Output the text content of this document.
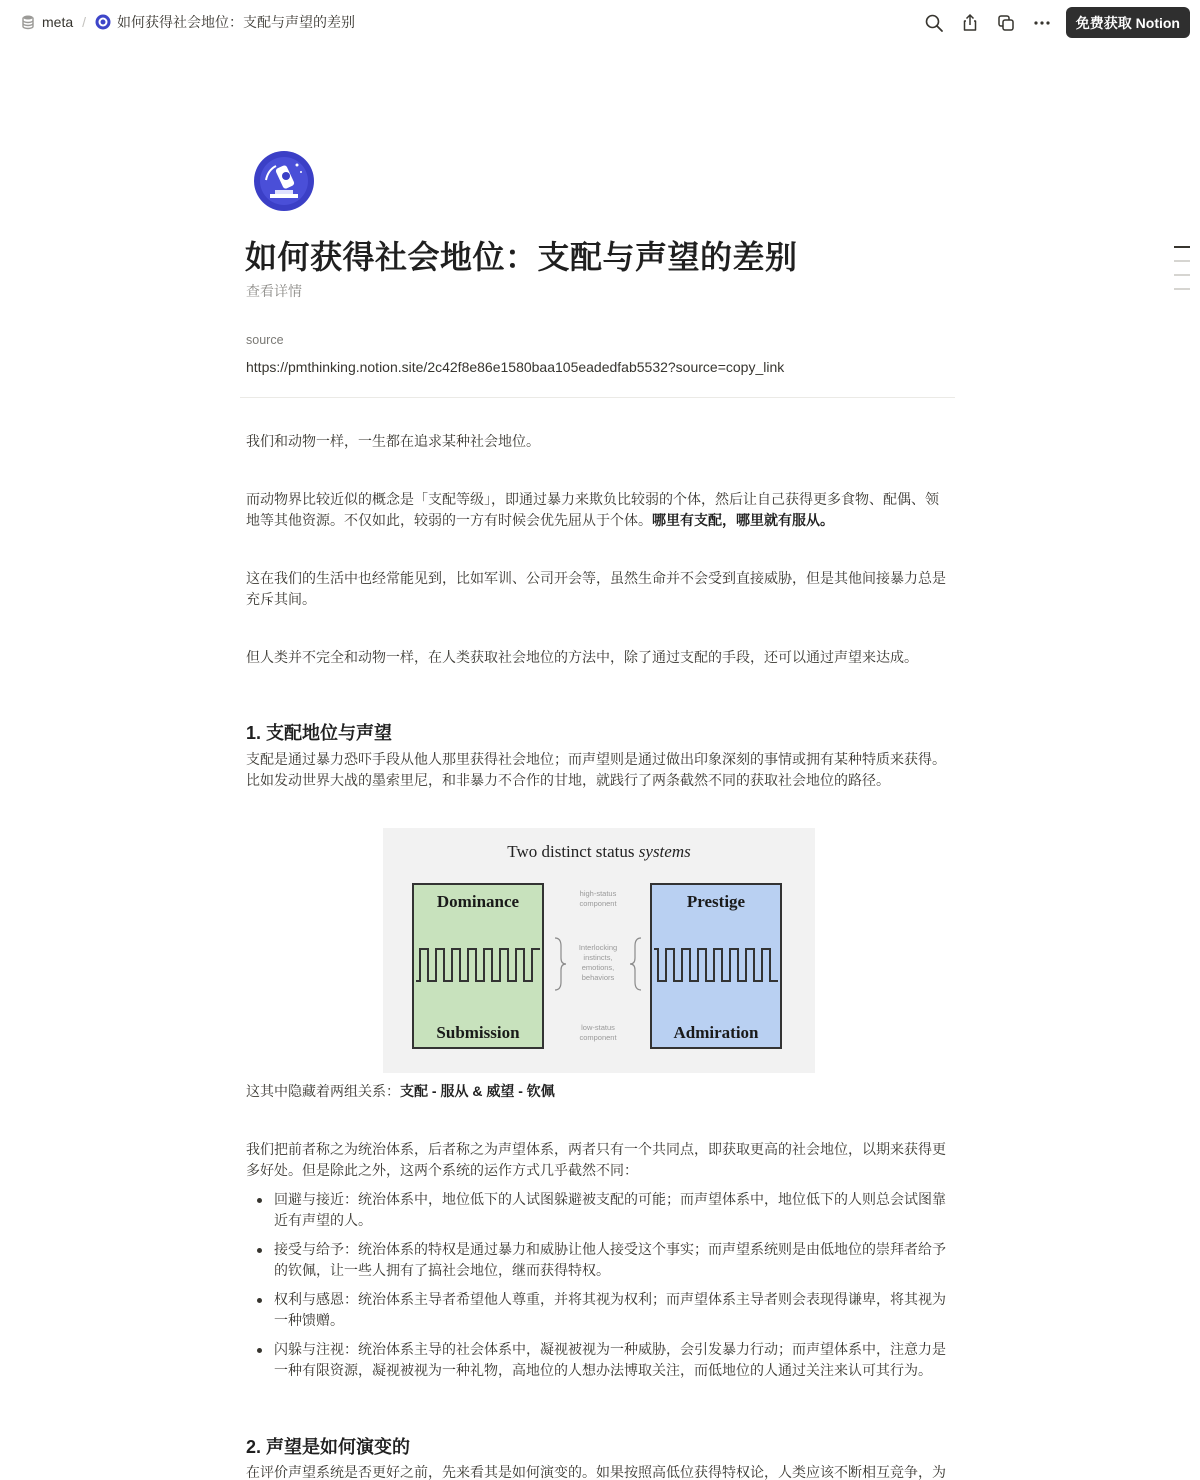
meta / 如何获得社会地位：支配与声望的差别	免费获取 Notion
如何获得社会地位：支配与声望的差别
查看详情
source
https://pmthinking.notion.site/2c42f8e86e1580baa105eadedfab5532?source=copy_link
我们和动物一样，一生都在追求某种社会地位。
而动物界比较近似的概念是「支配等级」，即通过暴力来欺负比较弱的个体，然后让自己获得更多食物、配偶、领地等其他资源。不仅如此，较弱的一方有时候会优先屈从于个体。哪里有支配，哪里就有服从。
这在我们的生活中也经常能见到，比如军训、公司开会等，虽然生命并不会受到直接威胁，但是其他间接暴力总是充斥其间。
但人类并不完全和动物一样，在人类获取社会地位的方法中，除了通过支配的手段，还可以通过声望来达成。
1. 支配地位与声望
支配是通过暴力恐吓手段从他人那里获得社会地位；而声望则是通过做出印象深刻的事情或拥有某种特质来获得。比如发动世界大战的墨索里尼，和非暴力不合作的甘地，就践行了两条截然不同的获取社会地位的路径。
Two distinct status systems
Dominance
Submission
Prestige
Admiration
high-status
component
Interlocking
instincts,
emotions,
behaviors
low-status
component
这其中隐藏着两组关系：支配 - 服从 & 威望 - 钦佩
我们把前者称之为统治体系，后者称之为声望体系，两者只有一个共同点，即获取更高的社会地位，以期来获得更多好处。但是除此之外，这两个系统的运作方式几乎截然不同：
回避与接近：统治体系中，地位低下的人试图躲避被支配的可能；而声望体系中，地位低下的人则总会试图靠近有声望的人。
接受与给予：统治体系的特权是通过暴力和威胁让他人接受这个事实；而声望系统则是由低地位的崇拜者给予的钦佩，让一些人拥有了搞社会地位，继而获得特权。
权利与感恩：统治体系主导者希望他人尊重，并将其视为权利；而声望体系主导者则会表现得谦卑，将其视为一种馈赠。
闪躲与注视：统治体系主导的社会体系中，凝视被视为一种威胁，会引发暴力行动；而声望体系中，注意力是一种有限资源，凝视被视为一种礼物，高地位的人想办法博取关注，而低地位的人通过关注来认可其行为。
2. 声望是如何演变的
在评价声望系统是否更好之前，先来看其是如何演变的。如果按照高低位获得特权论，人类应该不断相互竞争，为
